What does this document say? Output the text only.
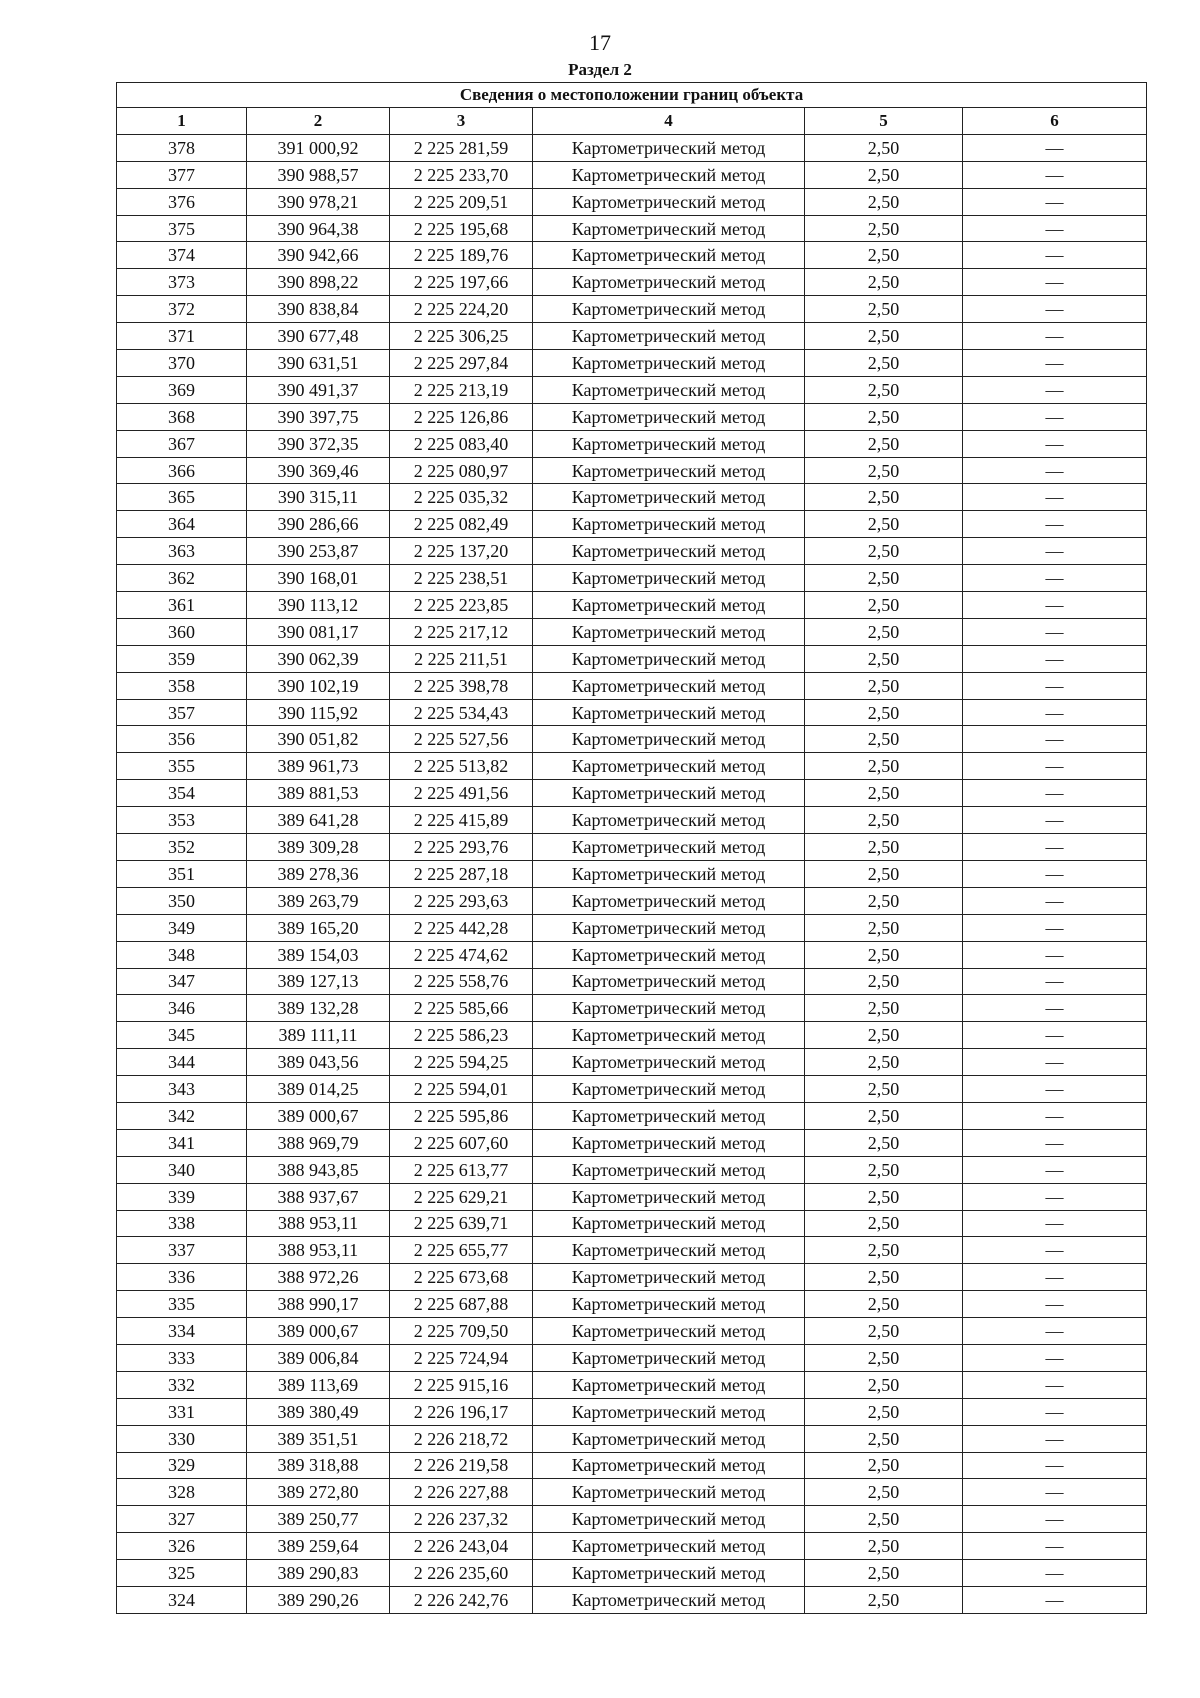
17
Раздел 2
Сведения о местоположении границ объекта					
1	2	3	4	5	6
378	391 000,92	2 225 281,59	Картометрический метод	2,50	—
377	390 988,57	2 225 233,70	Картометрический метод	2,50	—
376	390 978,21	2 225 209,51	Картометрический метод	2,50	—
375	390 964,38	2 225 195,68	Картометрический метод	2,50	—
374	390 942,66	2 225 189,76	Картометрический метод	2,50	—
373	390 898,22	2 225 197,66	Картометрический метод	2,50	—
372	390 838,84	2 225 224,20	Картометрический метод	2,50	—
371	390 677,48	2 225 306,25	Картометрический метод	2,50	—
370	390 631,51	2 225 297,84	Картометрический метод	2,50	—
369	390 491,37	2 225 213,19	Картометрический метод	2,50	—
368	390 397,75	2 225 126,86	Картометрический метод	2,50	—
367	390 372,35	2 225 083,40	Картометрический метод	2,50	—
366	390 369,46	2 225 080,97	Картометрический метод	2,50	—
365	390 315,11	2 225 035,32	Картометрический метод	2,50	—
364	390 286,66	2 225 082,49	Картометрический метод	2,50	—
363	390 253,87	2 225 137,20	Картометрический метод	2,50	—
362	390 168,01	2 225 238,51	Картометрический метод	2,50	—
361	390 113,12	2 225 223,85	Картометрический метод	2,50	—
360	390 081,17	2 225 217,12	Картометрический метод	2,50	—
359	390 062,39	2 225 211,51	Картометрический метод	2,50	—
358	390 102,19	2 225 398,78	Картометрический метод	2,50	—
357	390 115,92	2 225 534,43	Картометрический метод	2,50	—
356	390 051,82	2 225 527,56	Картометрический метод	2,50	—
355	389 961,73	2 225 513,82	Картометрический метод	2,50	—
354	389 881,53	2 225 491,56	Картометрический метод	2,50	—
353	389 641,28	2 225 415,89	Картометрический метод	2,50	—
352	389 309,28	2 225 293,76	Картометрический метод	2,50	—
351	389 278,36	2 225 287,18	Картометрический метод	2,50	—
350	389 263,79	2 225 293,63	Картометрический метод	2,50	—
349	389 165,20	2 225 442,28	Картометрический метод	2,50	—
348	389 154,03	2 225 474,62	Картометрический метод	2,50	—
347	389 127,13	2 225 558,76	Картометрический метод	2,50	—
346	389 132,28	2 225 585,66	Картометрический метод	2,50	—
345	389 111,11	2 225 586,23	Картометрический метод	2,50	—
344	389 043,56	2 225 594,25	Картометрический метод	2,50	—
343	389 014,25	2 225 594,01	Картометрический метод	2,50	—
342	389 000,67	2 225 595,86	Картометрический метод	2,50	—
341	388 969,79	2 225 607,60	Картометрический метод	2,50	—
340	388 943,85	2 225 613,77	Картометрический метод	2,50	—
339	388 937,67	2 225 629,21	Картометрический метод	2,50	—
338	388 953,11	2 225 639,71	Картометрический метод	2,50	—
337	388 953,11	2 225 655,77	Картометрический метод	2,50	—
336	388 972,26	2 225 673,68	Картометрический метод	2,50	—
335	388 990,17	2 225 687,88	Картометрический метод	2,50	—
334	389 000,67	2 225 709,50	Картометрический метод	2,50	—
333	389 006,84	2 225 724,94	Картометрический метод	2,50	—
332	389 113,69	2 225 915,16	Картометрический метод	2,50	—
331	389 380,49	2 226 196,17	Картометрический метод	2,50	—
330	389 351,51	2 226 218,72	Картометрический метод	2,50	—
329	389 318,88	2 226 219,58	Картометрический метод	2,50	—
328	389 272,80	2 226 227,88	Картометрический метод	2,50	—
327	389 250,77	2 226 237,32	Картометрический метод	2,50	—
326	389 259,64	2 226 243,04	Картометрический метод	2,50	—
325	389 290,83	2 226 235,60	Картометрический метод	2,50	—
324	389 290,26	2 226 242,76	Картометрический метод	2,50	—
